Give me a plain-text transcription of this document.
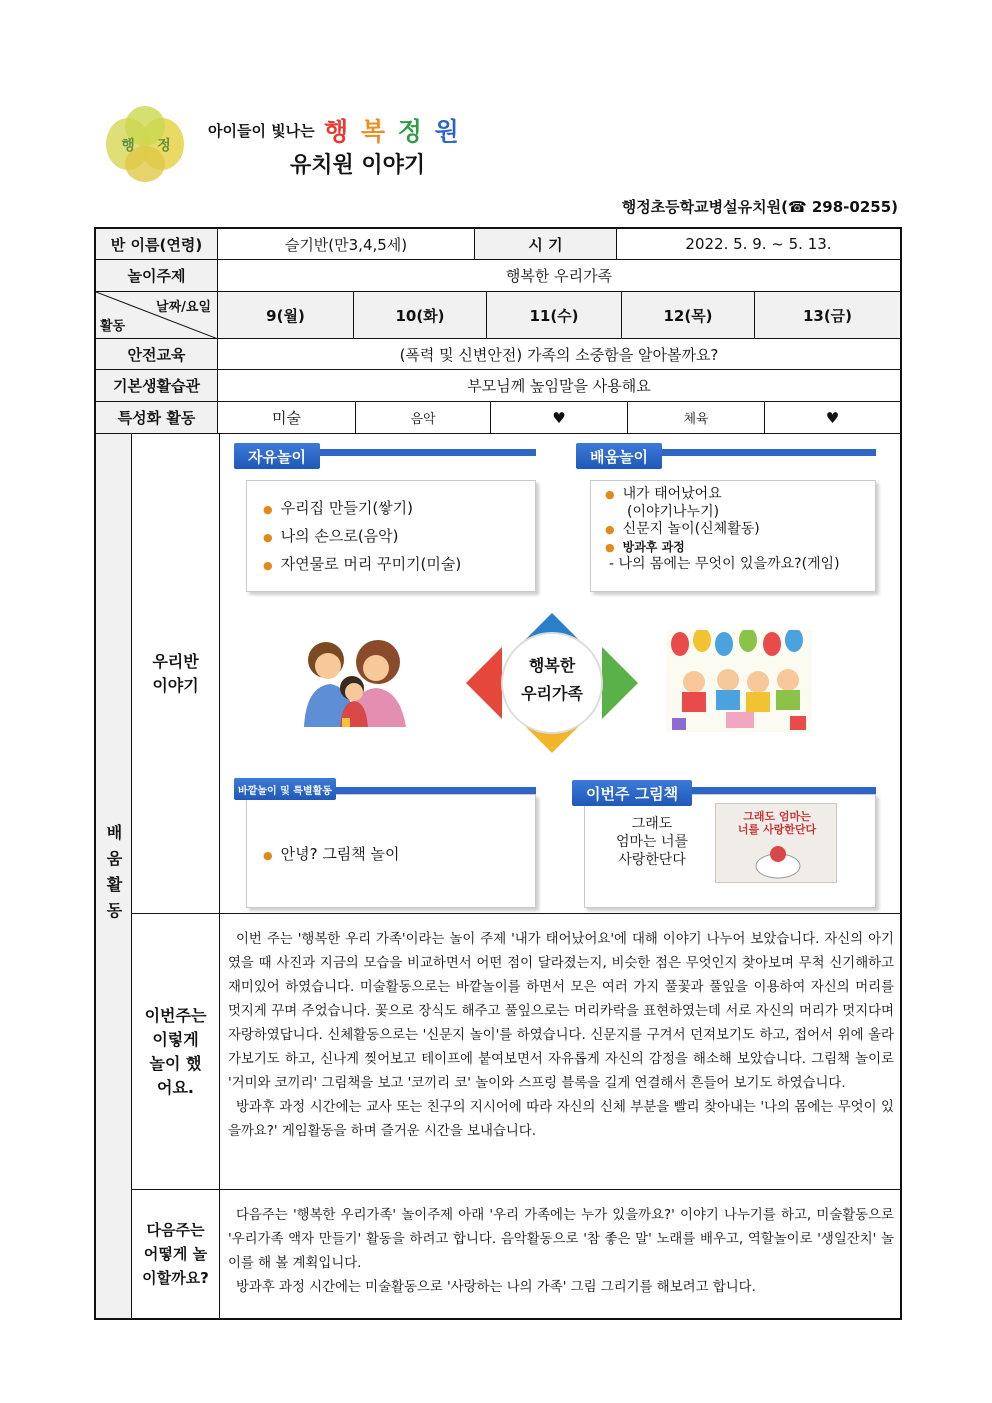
행 정
아이들이 빛나는 행 복 정 원
유치원 이야기
행정초등학교병설유치원(☎ 298-0255)
반 이름(연령)	슬기반(만3,4,5세)	시 기	2022. 5. 9. ~ 5. 13.
놀이주제	행복한 우리가족
날짜/요일
활동
9(월)	10(화)	11(수)	12(목)	13(금)
안전교육	(폭력 및 신변안전) 가족의 소중함을 알아볼까요?
기본생활습관	부모님께 높임말을 사용해요
특성화 활동	미술	음악	♥	체육	♥
배움활동
우리반 이야기
● 우리집 만들기(쌓기)
● 나의 손으로(음악)
● 자연물로 머리 꾸미기(미술)
자유놀이
● 내가 태어났어요
(이야기나누기)
● 신문지 놀이(신체활동)
● 방과후 과정
- 나의 몸에는 무엇이 있을까요?(게임)
배움놀이
행복한
우리가족
● 안녕? 그림책 놀이
바깥놀이 및 특별활동
그래도
엄마는 너를
사랑한단다
그래도 엄마는
너를 사랑한단다
이번주 그림책
이번주는 이렇게 놀이 했어요.

이번 주는 '행복한 우리 가족'이라는 놀이 주제 '내가 태어났어요'에 대해 이야기 나누어 보았습니다. 자신의 아기였을 때 사진과 지금의 모습을 비교하면서 어떤 점이 달라졌는지, 비슷한 점은 무엇인지 찾아보며 무척 신기해하고 재미있어 하였습니다. 미술활동으로는 바깥놀이를 하면서 모은 여러 가지 풀꽃과 풀잎을 이용하여 자신의 머리를 멋지게 꾸며 주었습니다. 꽃으로 장식도 해주고 풀잎으로는 머리카락을 표현하였는데 서로 자신의 머리가 멋지다며 자랑하였답니다. 신체활동으로는 '신문지 놀이'를 하였습니다. 신문지를 구겨서 던져보기도 하고, 접어서 위에 올라가보기도 하고, 신나게 찢어보고 테이프에 붙여보면서 자유롭게 자신의 감정을 해소해 보았습니다. 그림책 놀이로 '거미와 코끼리' 그림책을 보고 '코끼리 코' 놀이와 스프링 블록을 길게 연결해서 흔들어 보기도 하였습니다.

방과후 과정 시간에는 교사 또는 친구의 지시어에 따라 자신의 신체 부분을 빨리 찾아내는 '나의 몸에는 무엇이 있을까요?' 게임활동을 하며 즐거운 시간을 보내습니다.

다음주는 어떻게 놀이할까요?

다음주는 '행복한 우리가족' 놀이주제 아래 '우리 가족에는 누가 있을까요?' 이야기 나누기를 하고, 미술활동으로 '우리가족 액자 만들기' 활동을 하려고 합니다. 음악활동으로 '참 좋은 말' 노래를 배우고, 역할놀이로 '생일잔치' 놀이를 해 볼 계획입니다.

방과후 과정 시간에는 미술활동으로 '사랑하는 나의 가족' 그림 그리기를 해보려고 합니다.
